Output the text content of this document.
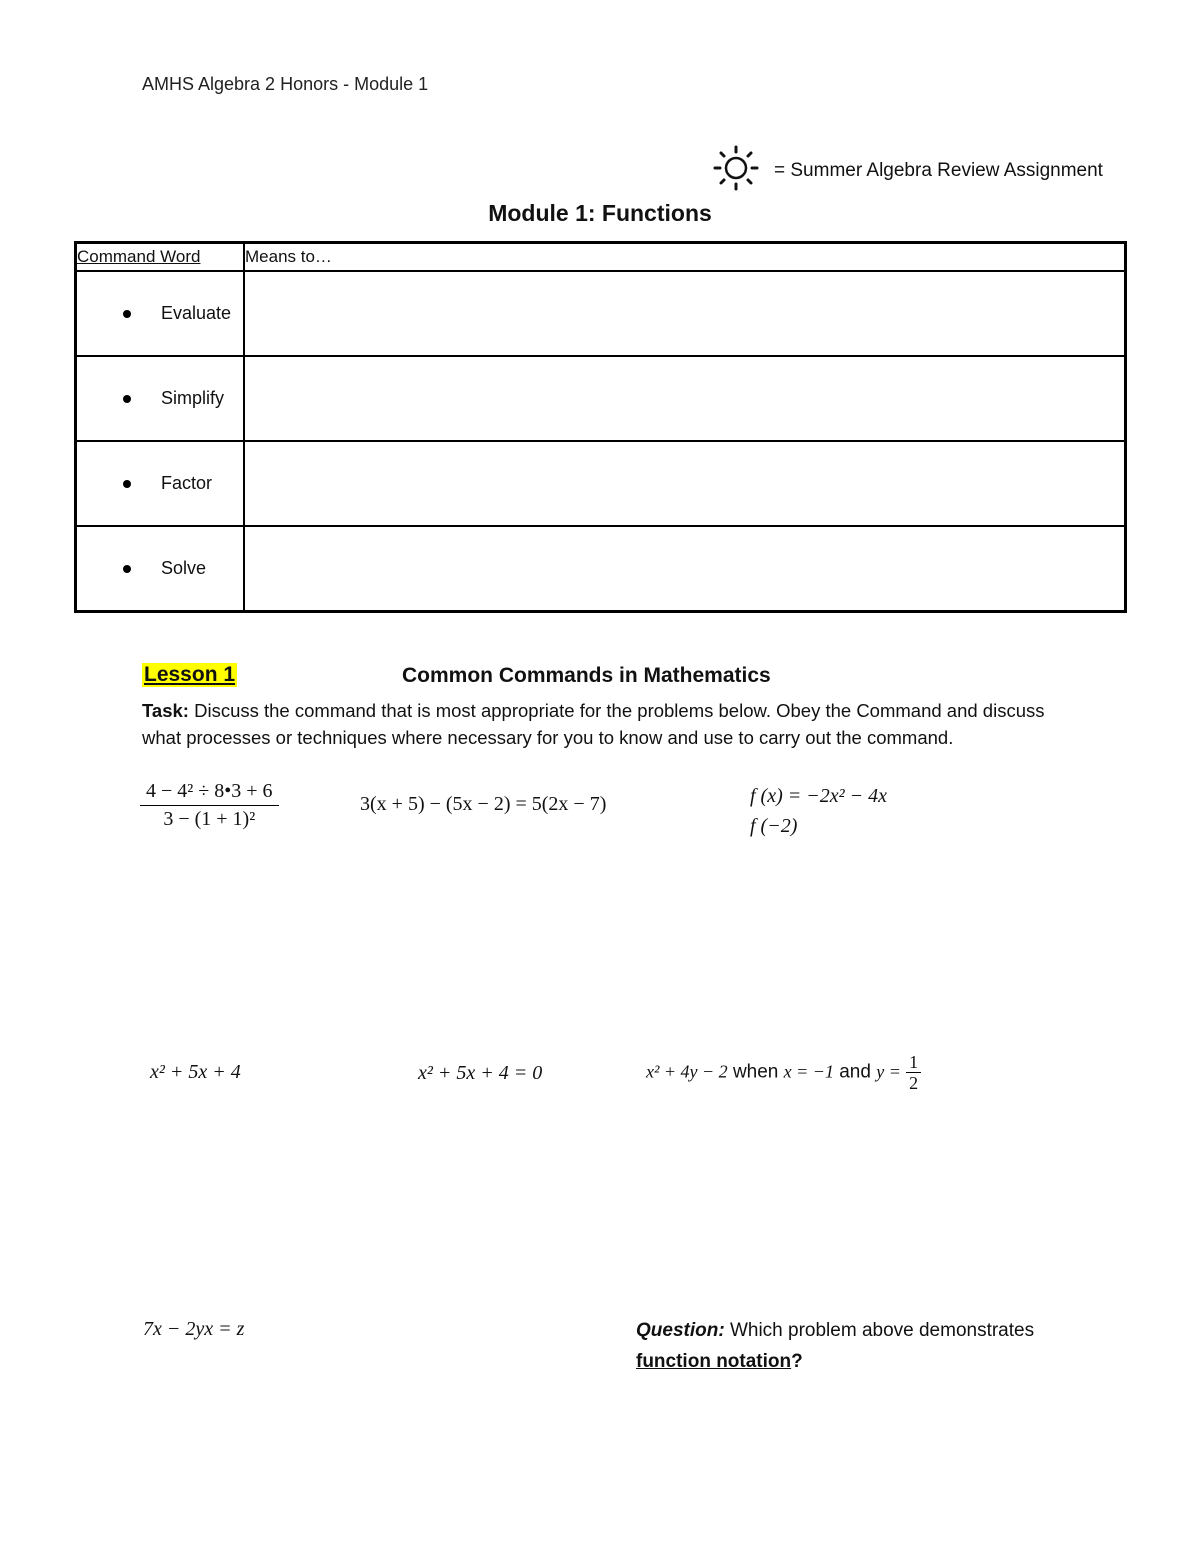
AMHS Algebra 2 Honors - Module 1
= Summer Algebra Review Assignment
Module 1: Functions
Command Word	Means to…
Evaluate	
Simplify	
Factor	
Solve	
Lesson 1	Common Commands in Mathematics
Task: Discuss the command that is most appropriate for the problems below. Obey the Command and discuss what processes or techniques where necessary for you to know and use to carry out the command.
$\frac{\text{4 − 4² ÷ 8•3 + 6}}{\text{3 − (1 + 1)²}}$	3(x + 5) − (5x − 2) = 5(2x − 7)	f (x) = −2x² − 4x
f (−2)
x² + 5x + 4	x² + 5x + 4 = 0	x² + 4y − 2 when x = −1 and $y = \frac{1}{2}$
7x − 2yx = z	Question: Which problem above demonstrates
function notation?
